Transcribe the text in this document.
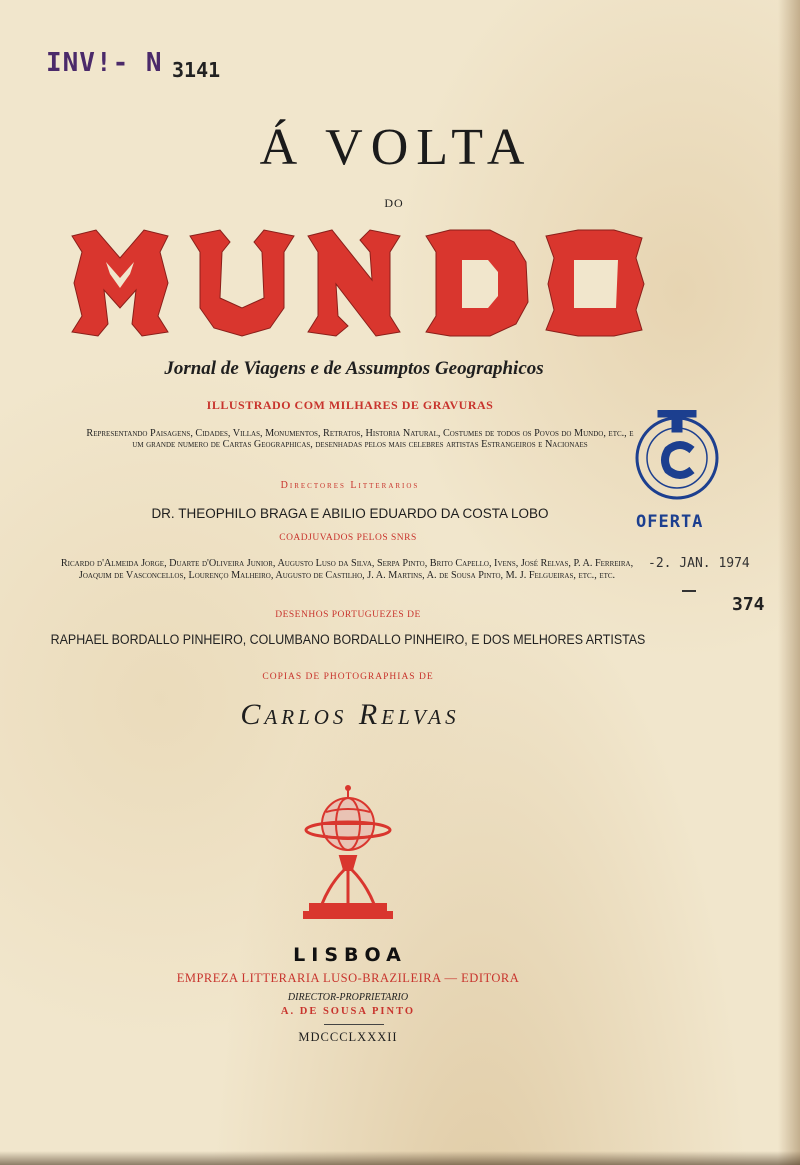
INV!- N 3141
Á VOLTA
DO
Jornal de Viagens e de Assumptos Geographicos
ILLUSTRADO COM MILHARES DE GRAVURAS
Representando Paisagens, Cidades, Villas, Monumentos, Retratos, Historia Natural, Costumes de todos os Povos do Mundo, etc., e um grande numero de Cartas Geographicas, desenhadas pelos mais celebres artistas Estrangeiros e Nacionaes
Directores Litterarios
DR. THEOPHILO BRAGA E ABILIO EDUARDO DA COSTA LOBO
COADJUVADOS PELOS SNRS
Ricardo d'Almeida Jorge, Duarte d'Oliveira Junior, Augusto Luso da Silva, Serpa Pinto, Brito Capello, Ivens, José Relvas, P. A. Ferreira, Joaquim de Vasconcellos, Lourenço Malheiro, Augusto de Castilho, J. A. Martins, A. de Sousa Pinto, M. J. Felgueiras, etc., etc.
DESENHOS PORTUGUEZES DE
RAPHAEL BORDALLO PINHEIRO, COLUMBANO BORDALLO PINHEIRO, E DOS MELHORES ARTISTAS
COPIAS DE PHOTOGRAPHIAS DE
Carlos Relvas
LISBOA
EMPREZA LITTERARIA LUSO-BRAZILEIRA — EDITORA
DIRECTOR-PROPRIETARIO
A. DE SOUSA PINTO
MDCCCLXXXII
OFERTA
-2. JAN. 1974
374
